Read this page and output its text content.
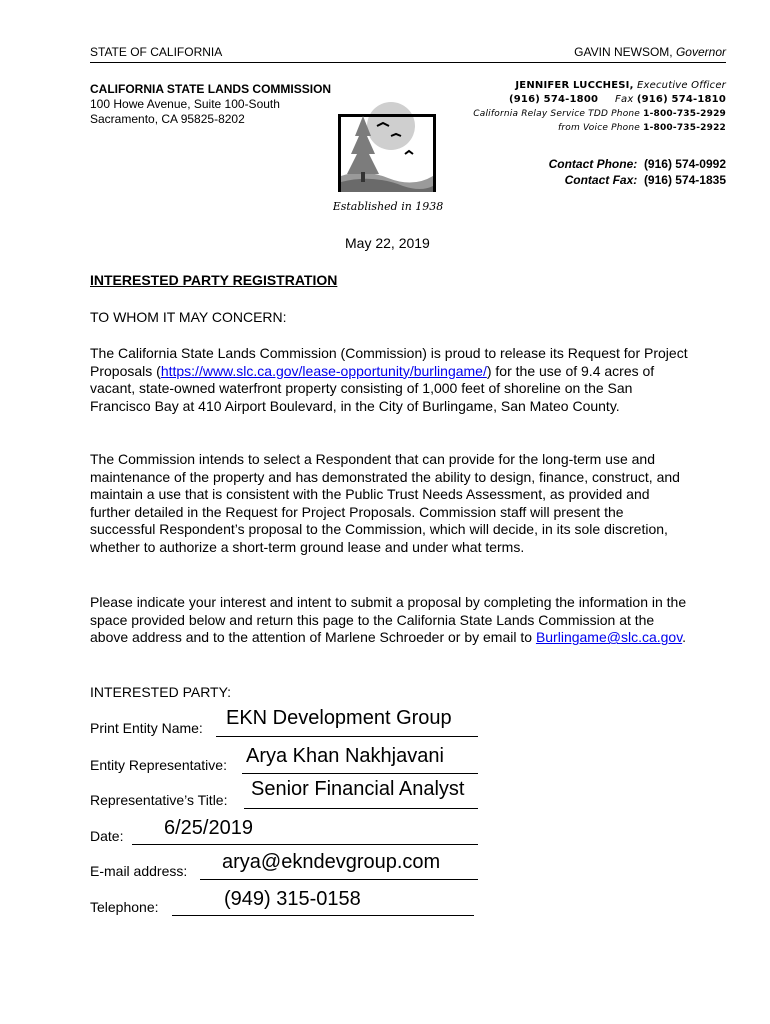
STATE OF CALIFORNIA	GAVIN NEWSOM, Governor
CALIFORNIA STATE LANDS COMMISSION
100 Howe Avenue, Suite 100-South
Sacramento, CA 95825-8202
JENNIFER LUCCHESI, Executive Officer
(916) 574-1800 Fax (916) 574-1810
California Relay Service TDD Phone 1-800-735-2929
from Voice Phone 1-800-735-2922
Established in 1938
Contact Phone: (916) 574-0992
Contact Fax: (916) 574-1835
May 22, 2019
INTERESTED PARTY REGISTRATION
TO WHOM IT MAY CONCERN:
The California State Lands Commission (Commission) is proud to release its Request for Project Proposals (https://www.slc.ca.gov/lease-opportunity/burlingame/) for the use of 9.4 acres of vacant, state-owned waterfront property consisting of 1,000 feet of shoreline on the San Francisco Bay at 410 Airport Boulevard, in the City of Burlingame, San Mateo County.
The Commission intends to select a Respondent that can provide for the long-term use and maintenance of the property and has demonstrated the ability to design, finance, construct, and maintain a use that is consistent with the Public Trust Needs Assessment, as provided and further detailed in the Request for Project Proposals. Commission staff will present the successful Respondent’s proposal to the Commission, which will decide, in its sole discretion, whether to authorize a short-term ground lease and under what terms.
Please indicate your interest and intent to submit a proposal by completing the information in the space provided below and return this page to the California State Lands Commission at the above address and to the attention of Marlene Schroeder or by email to Burlingame@slc.ca.gov.
INTERESTED PARTY:
Print Entity Name: EKN Development Group
Entity Representative: Arya Khan Nakhjavani
Representative’s Title: Senior Financial Analyst
Date: 6/25/2019
E-mail address: arya@ekndevgroup.com
Telephone:	(949) 315-0158
